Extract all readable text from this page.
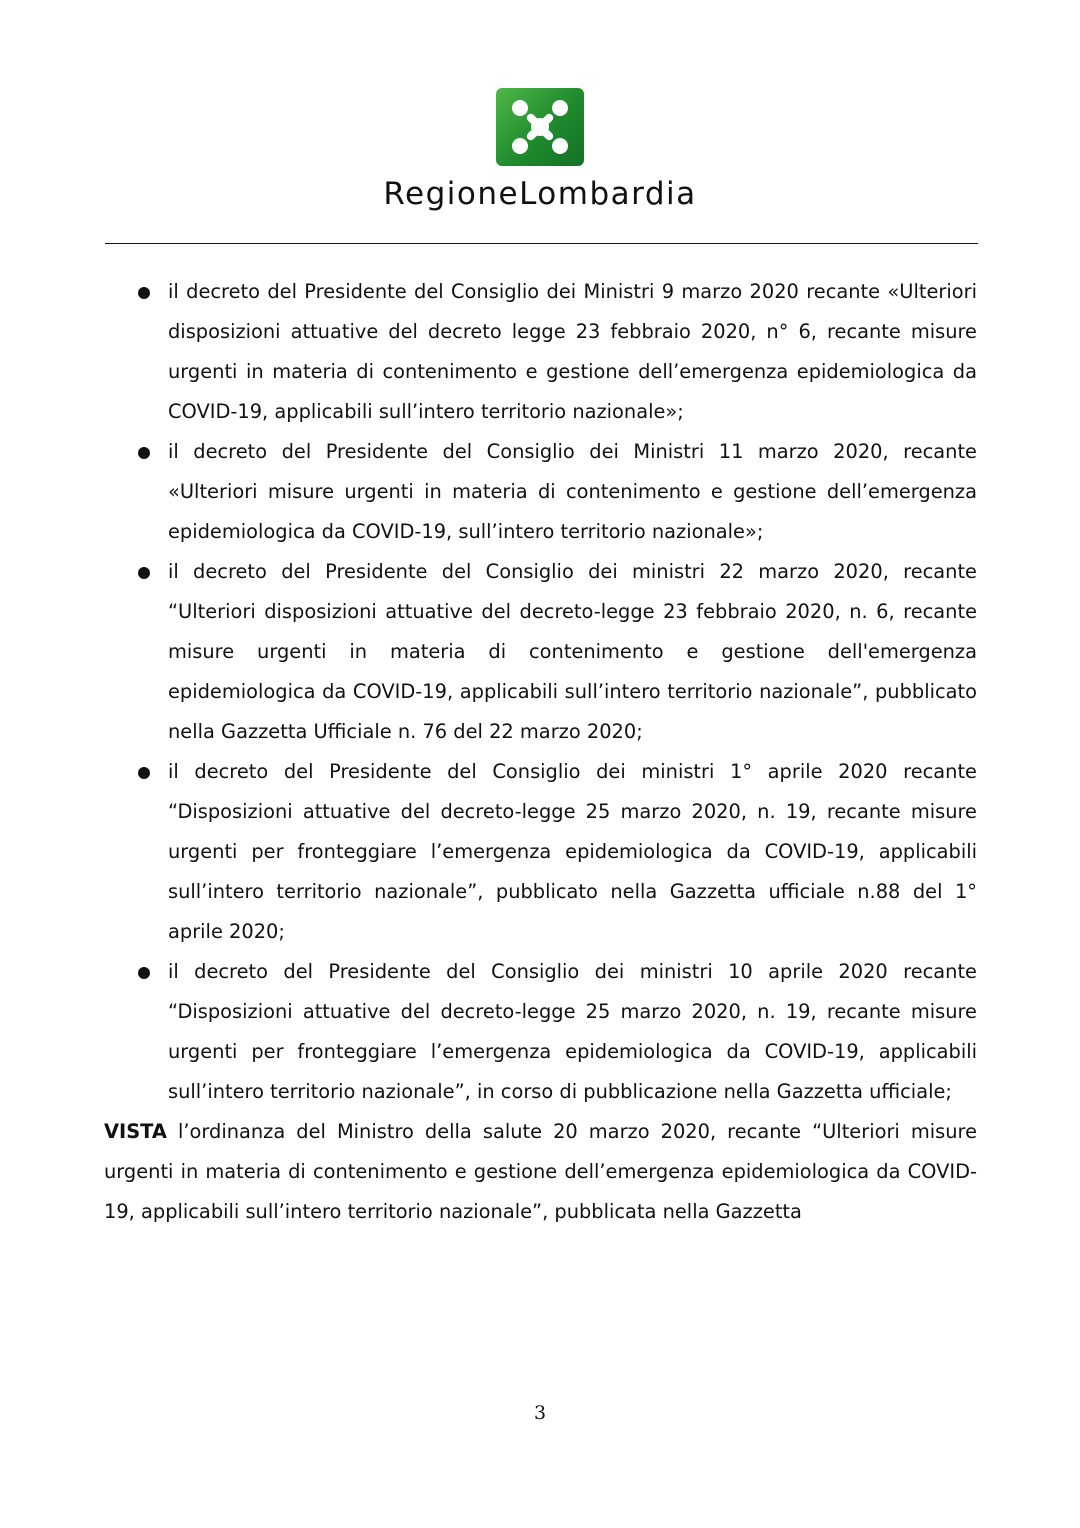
RegioneLombardia
il decreto del Presidente del Consiglio dei Ministri 9 marzo 2020 recante «Ulteriori disposizioni attuative del decreto legge 23 febbraio 2020, n° 6, recante misure urgenti in materia di contenimento e gestione dell’emergenza epidemiologica da COVID-19, applicabili sull’intero territorio nazionale»;
il decreto del Presidente del Consiglio dei Ministri 11 marzo 2020, recante «Ulteriori misure urgenti in materia di contenimento e gestione dell’emergenza epidemiologica da COVID-19, sull’intero territorio nazionale»;
il decreto del Presidente del Consiglio dei ministri 22 marzo 2020, recante “Ulteriori disposizioni attuative del decreto-legge 23 febbraio 2020, n. 6, recante misure urgenti in materia di contenimento e gestione dell'emergenza epidemiologica da COVID-19, applicabili sull’intero territorio nazionale”, pubblicato nella Gazzetta Ufficiale n. 76 del 22 marzo 2020;
il decreto del Presidente del Consiglio dei ministri 1° aprile 2020 recante “Disposizioni attuative del decreto-legge 25 marzo 2020, n. 19, recante misure urgenti per fronteggiare l’emergenza epidemiologica da COVID-19, applicabili sull’intero territorio nazionale”, pubblicato nella Gazzetta ufficiale n.88 del 1° aprile 2020;
il decreto del Presidente del Consiglio dei ministri 10 aprile 2020 recante “Disposizioni attuative del decreto-legge 25 marzo 2020, n. 19, recante misure urgenti per fronteggiare l’emergenza epidemiologica da COVID-19, applicabili sull’intero territorio nazionale”, in corso di pubblicazione nella Gazzetta ufficiale;

VISTA l’ordinanza del Ministro della salute 20 marzo 2020, recante “Ulteriori misure urgenti in materia di contenimento e gestione dell’emergenza epidemiologica da COVID-19, applicabili sull’intero territorio nazionale”, pubblicata nella Gazzetta

3
